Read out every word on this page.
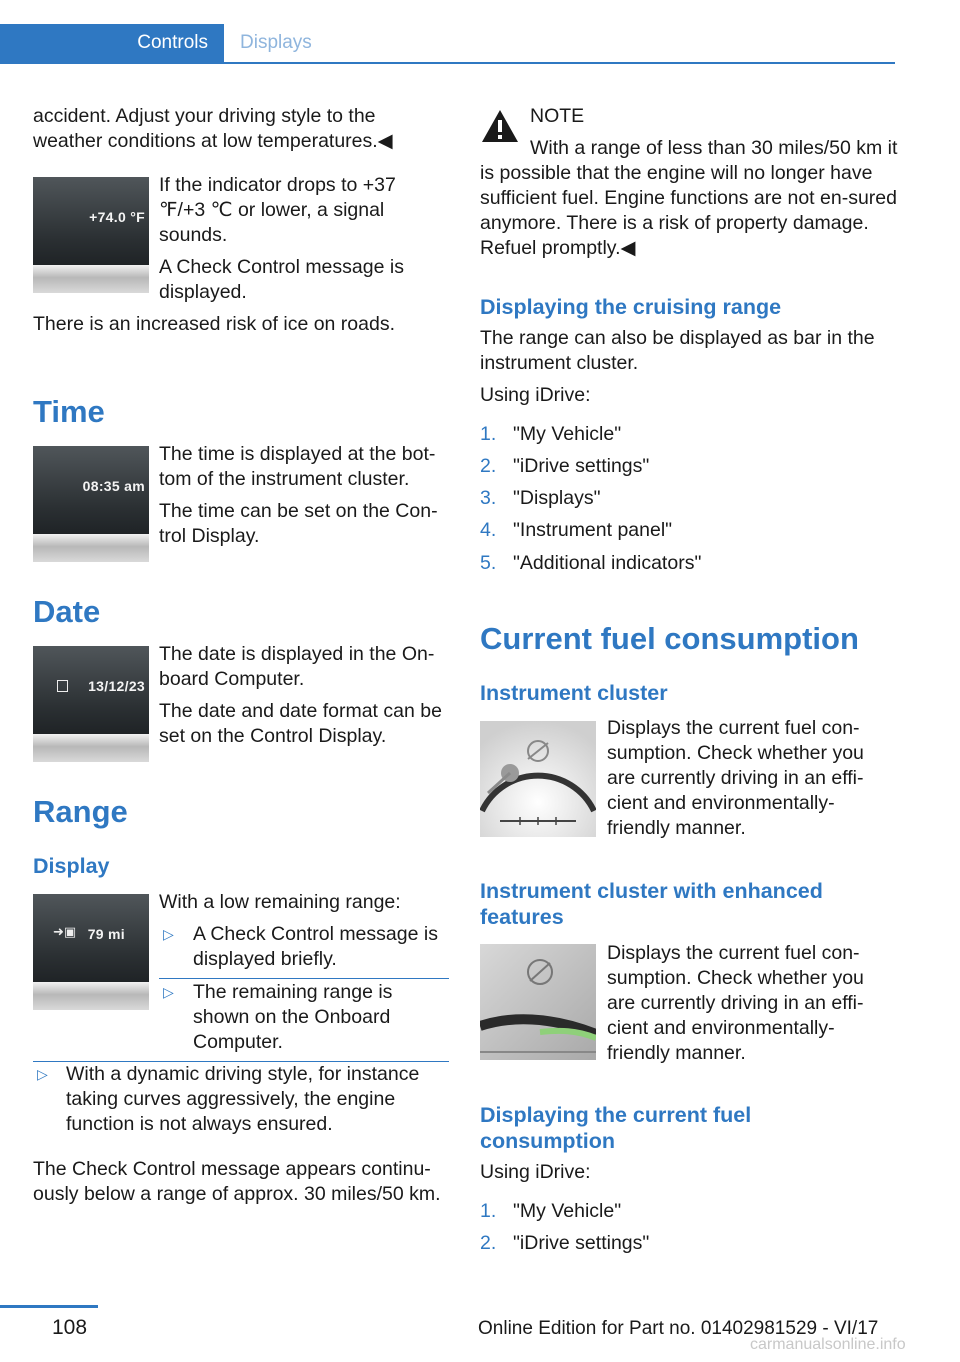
Controls	Displays

accident. Adjust your driving style to the weather conditions at low temperatures.◀

+74.0 °F

If the indicator drops to +37 ℉/+3 ℃ or lower, a signal sounds.

A Check Control message is displayed.

There is an increased risk of ice on roads.

Time
08:35 am

The time is displayed at the bot‐tom of the instrument cluster.

The time can be set on the Con‐trol Display.

Date
13/12/23

The date is displayed in the On‐board Computer.

The date and date format can be set on the Control Display.

Range
Display
➜▣ 79 mi

With a low remaining range:

▷ A Check Control message is displayed briefly.
▷ The remaining range is shown on the Onboard Computer.
▷ With a dynamic driving style, for instance taking curves aggressively, the engine function is not always ensured.

The Check Control message appears continu‐ously below a range of approx. 30 miles/50 km.

NOTE

With a range of less than 30 miles/50 km it is possible that the engine will no longer have sufficient fuel. Engine functions are not en‐sured anymore. There is a risk of property damage. Refuel promptly.◀
Displaying the cruising range

The range can also be displayed as bar in the instrument cluster.

Using iDrive:

1. "My Vehicle"
2. "iDrive settings"
3. "Displays"
4. "Instrument panel"
5. "Additional indicators"
Current fuel consumption
Instrument cluster
Displays the current fuel con‐sumption. Check whether you are currently driving in an effi‐cient and environmentally-friendly manner.
Instrument cluster with enhanced features
Displays the current fuel con‐sumption. Check whether you are currently driving in an effi‐cient and environmentally-friendly manner.
Displaying the current fuel consumption

Using iDrive:

1. "My Vehicle"
2. "iDrive settings"
108	Online Edition for Part no. 01402981529 - VI/17
carmanualsonline.info
